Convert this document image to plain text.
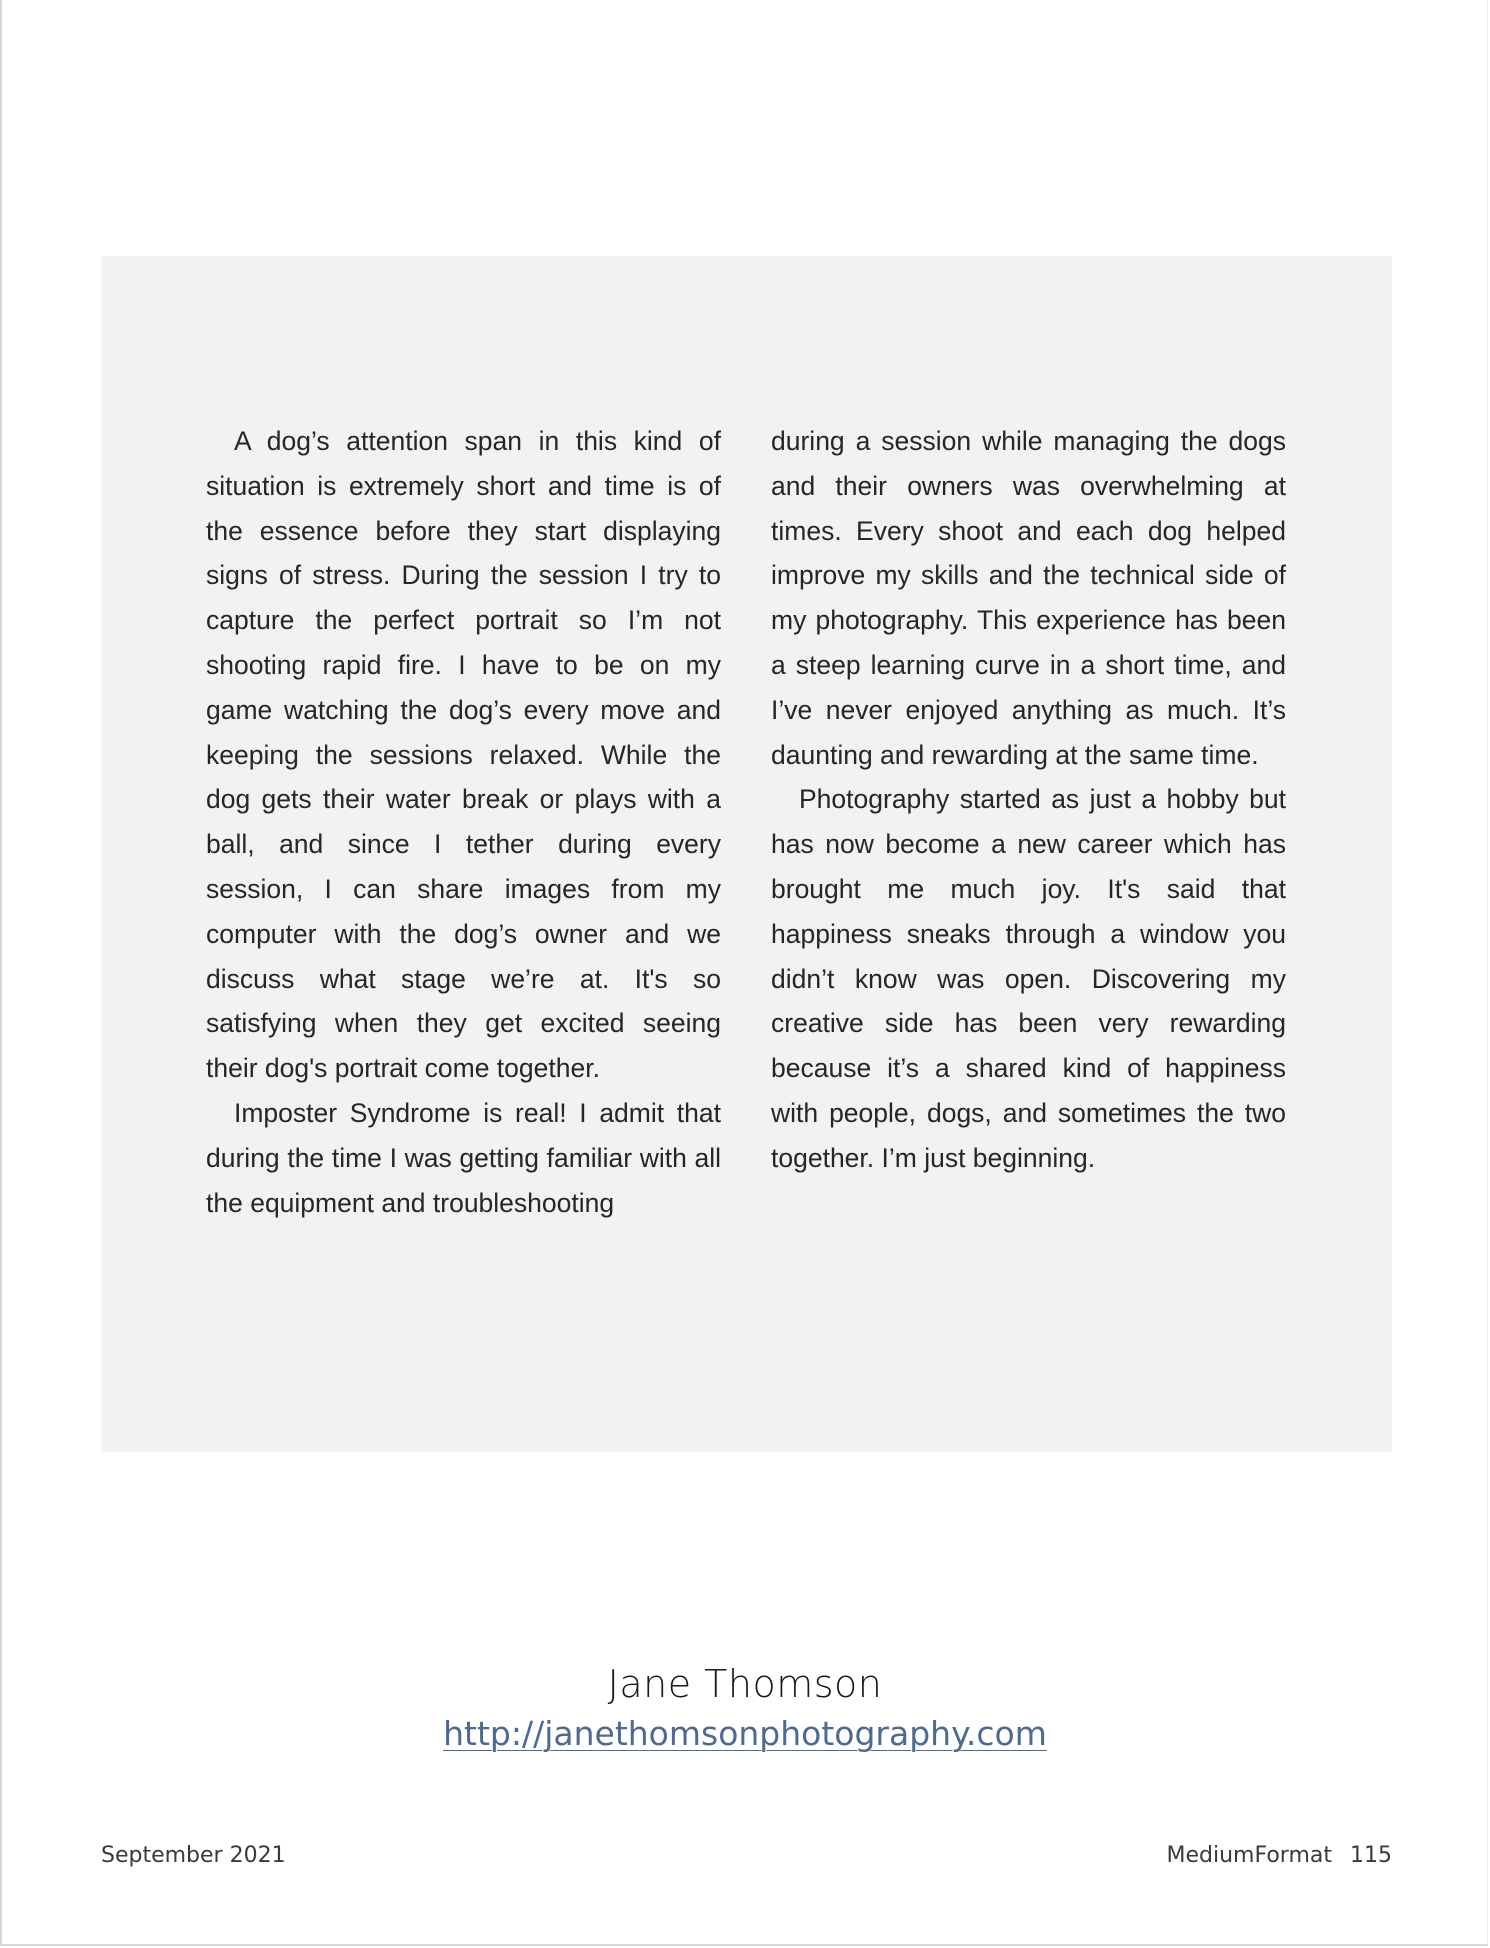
A dog’s attention span in this kind of situation is extremely short and time is of the essence before they start displaying signs of stress. During the session I try to capture the perfect portrait so I’m not shooting rapid fire. I have to be on my game watching the dog’s every move and keeping the sessions relaxed. While the dog gets their water break or plays with a ball, and since I tether during every session, I can share images from my computer with the dog’s owner and we discuss what stage we’re at. It's so satisfying when they get excited seeing their dog's portrait come together.

Imposter Syndrome is real! I admit that during the time I was getting familiar with all the equipment and troubleshooting

during a session while managing the dogs and their owners was overwhelming at times. Every shoot and each dog helped improve my skills and the technical side of my photography. This experience has been a steep learning curve in a short time, and I’ve never enjoyed anything as much. It’s daunting and rewarding at the same time.

Photography started as just a hobby but has now become a new career which has brought me much joy. It's said that happiness sneaks through a window you didn’t know was open. Discovering my creative side has been very rewarding because it’s a shared kind of happiness with people, dogs, and sometimes the two together. I’m just beginning.

Jane Thomson
http://janethomsonphotography.com
September 2021	MediumFormat 115
